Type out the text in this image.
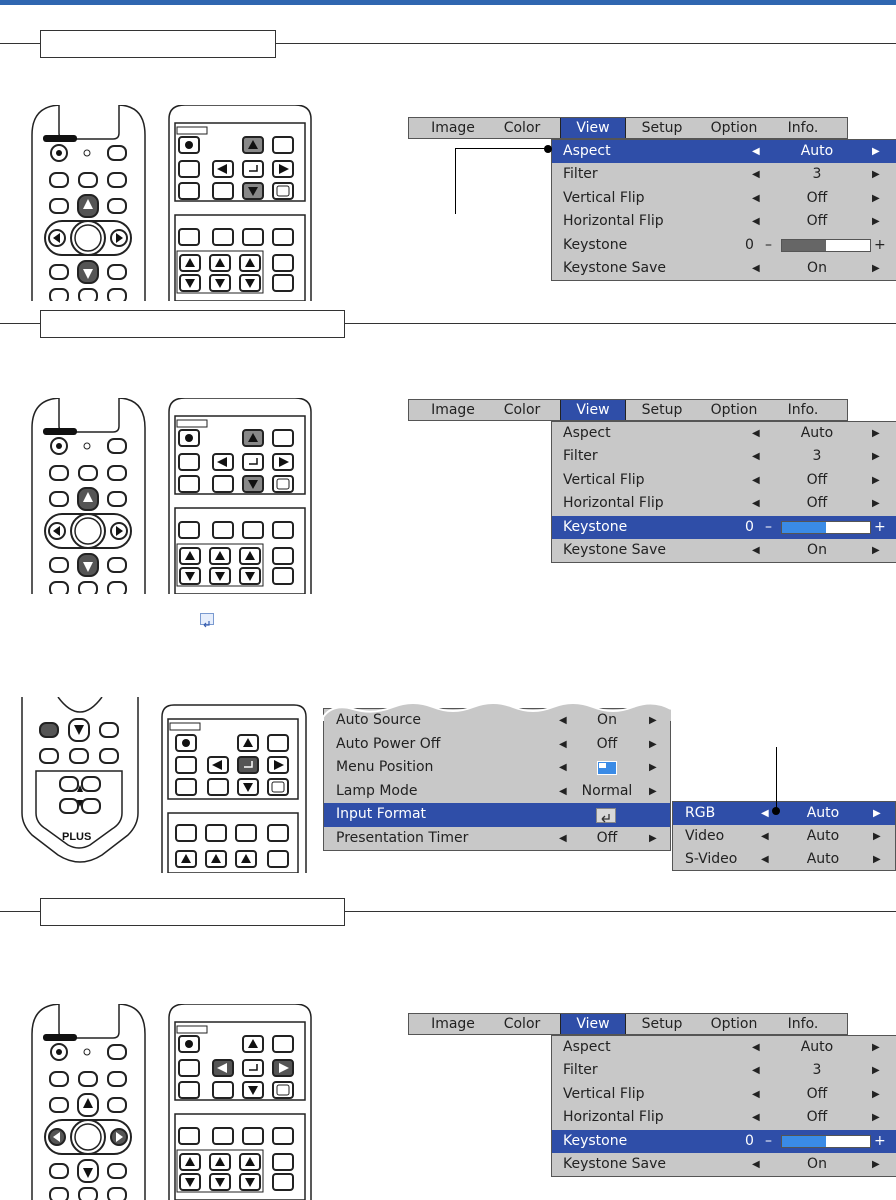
Image	Color	View	Setup	Option	Info.
Aspect	◀	Auto	▶
Filter	◀	3	▶
Vertical Flip	◀	Off	▶
Horizontal Flip	◀	Off	▶
Keystone	0 –	+
Keystone Save	◀	On	▶
Image	Color	View	Setup	Option	Info.
Aspect	◀	Auto	▶
Filter	◀	3	▶
Vertical Flip	◀	Off	▶
Horizontal Flip	◀	Off	▶
Keystone	0 –	+
Keystone Save	◀	On	▶
PLUS
Auto Source	◀	On	▶
Auto Power Off	◀	Off	▶
Menu Position	◀	▶
Lamp Mode	◀	Normal	▶
Input Format
Presentation Timer	◀	Off	▶
RGB	◀	Auto	▶
Video	◀	Auto	▶
S-Video ◀	Auto	▶
Image	Color	View	Setup	Option	Info.
Aspect	◀	Auto	▶
Filter	◀	3	▶
Vertical Flip	◀	Off	▶
Horizontal Flip	◀	Off	▶
Keystone	0 –	+
Keystone Save	◀	On	▶
